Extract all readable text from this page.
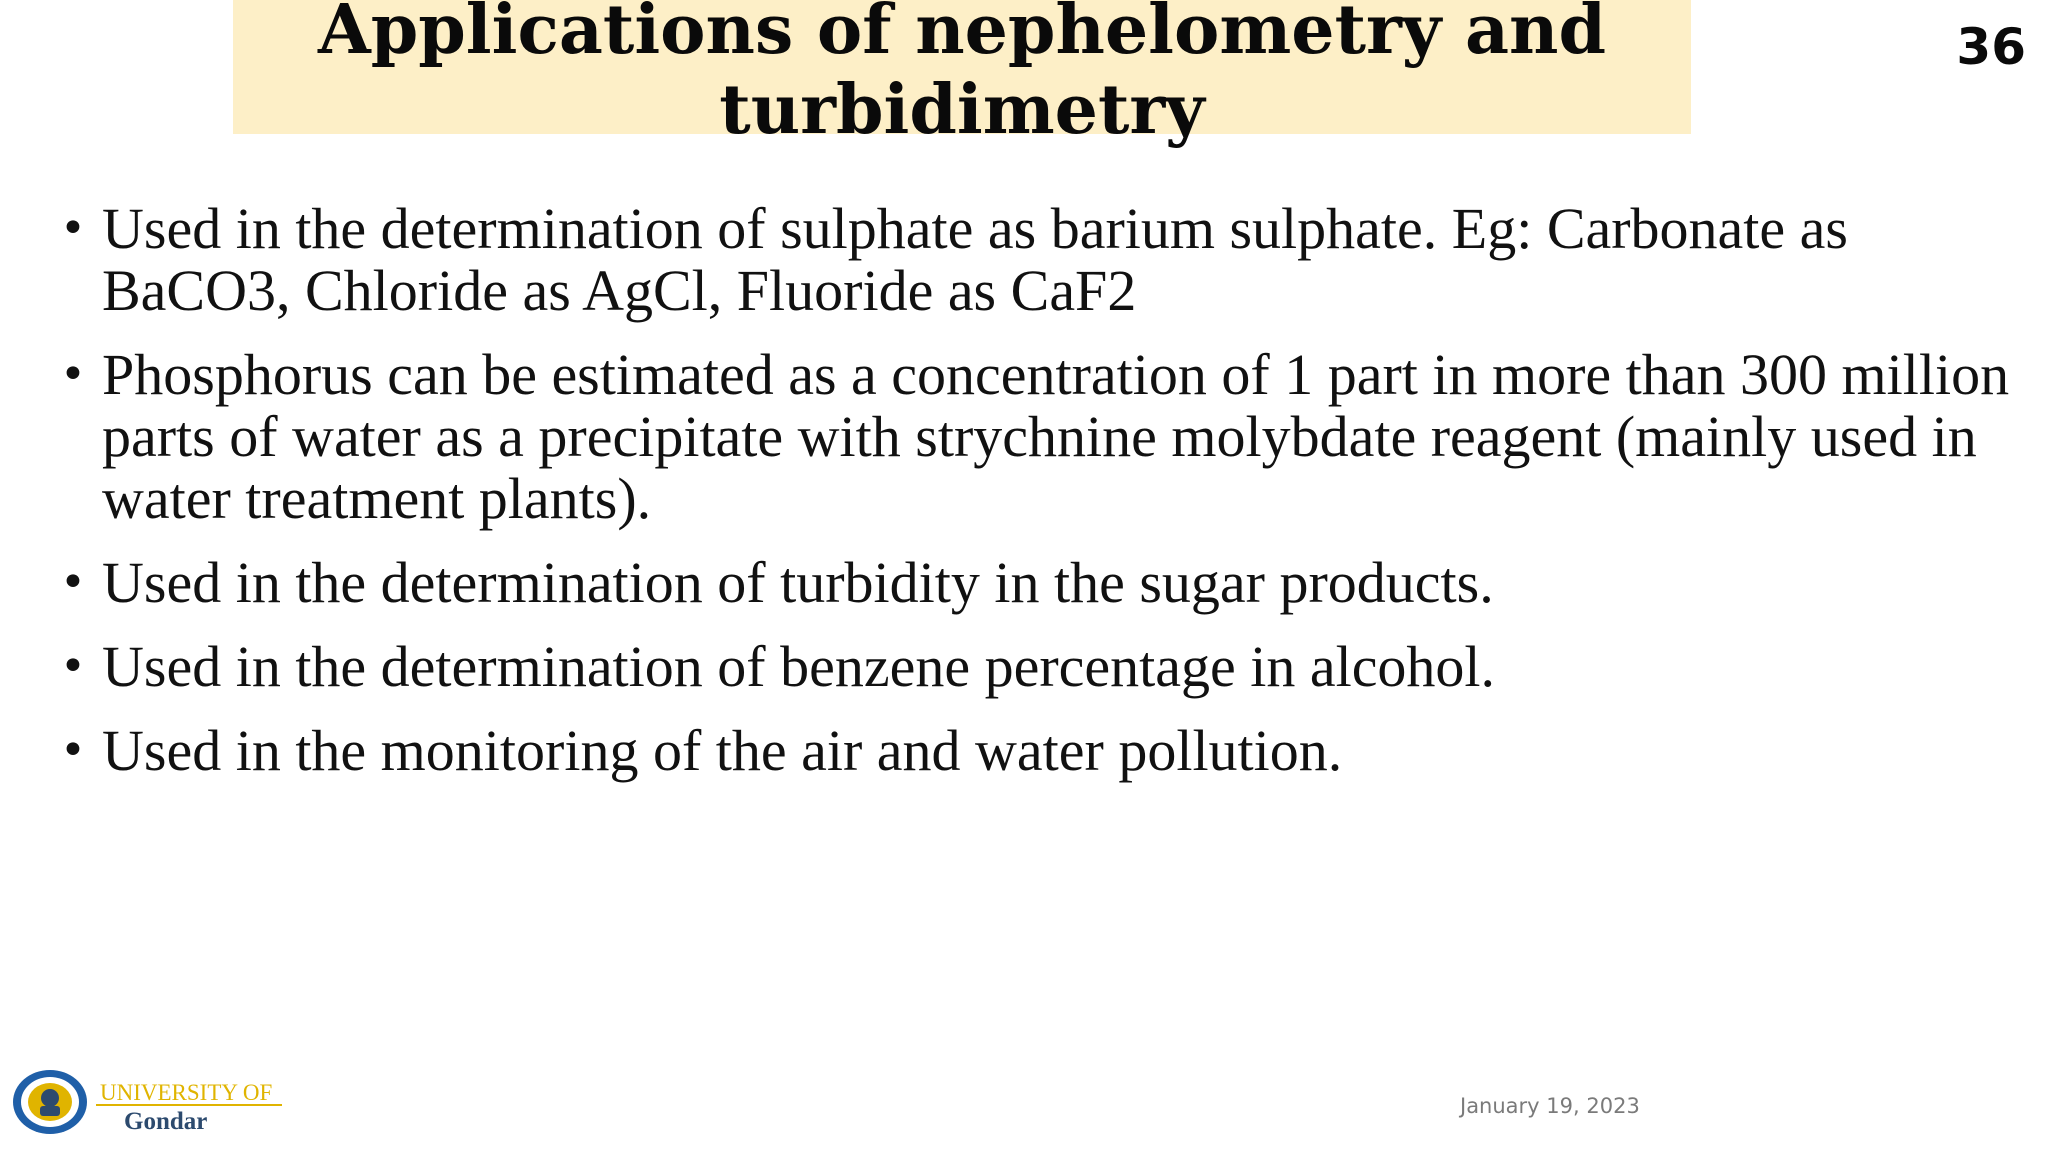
Applications of nephelometry and turbidimetry
36
• Used in the determination of sulphate as barium sulphate. Eg: Carbonate as BaCO3, Chloride as AgCl, Fluoride as CaF2
• Phosphorus can be estimated as a concentration of 1 part in more than 300 million parts of water as a precipitate with strychnine molybdate reagent (mainly used in water treatment plants).
• Used in the determination of turbidity in the sugar products.
• Used in the determination of benzene percentage in alcohol.
• Used in the monitoring of the air and water pollution.
UNIVERSITY OF
Gondar
January 19, 2023
